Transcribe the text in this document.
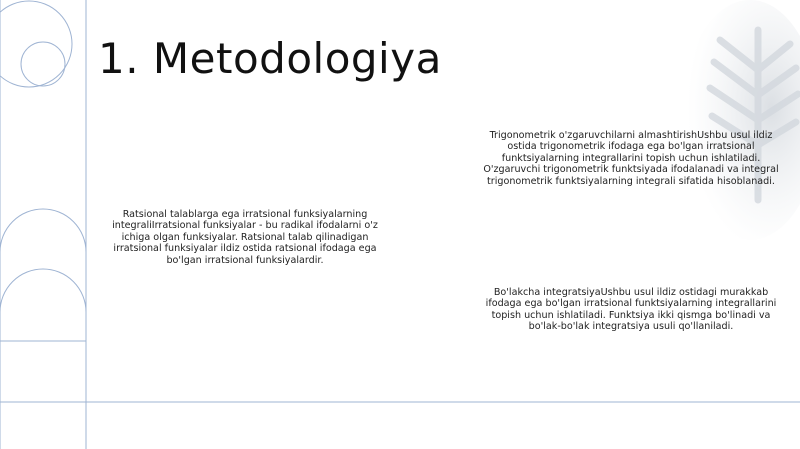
1. Metodologiya
Ratsional talablarga ega irratsional funksiyalarning integraliIrratsional funksiyalar - bu radikal ifodalarni o'z ichiga olgan funksiyalar. Ratsional talab qilinadigan irratsional funksiyalar ildiz ostida ratsional ifodaga ega bo'lgan irratsional funksiyalardir.
Trigonometrik o'zgaruvchilarni almashtirishUshbu usul ildiz ostida trigonometrik ifodaga ega bo'lgan irratsional funktsiyalarning integrallarini topish uchun ishlatiladi. O'zgaruvchi trigonometrik funktsiyada ifodalanadi va integral trigonometrik funktsiyalarning integrali sifatida hisoblanadi.
Bo'lakcha integratsiyaUshbu usul ildiz ostidagi murakkab ifodaga ega bo'lgan irratsional funktsiyalarning integrallarini topish uchun ishlatiladi. Funktsiya ikki qismga bo'linadi va bo'lak-bo'lak integratsiya usuli qo'llaniladi.
